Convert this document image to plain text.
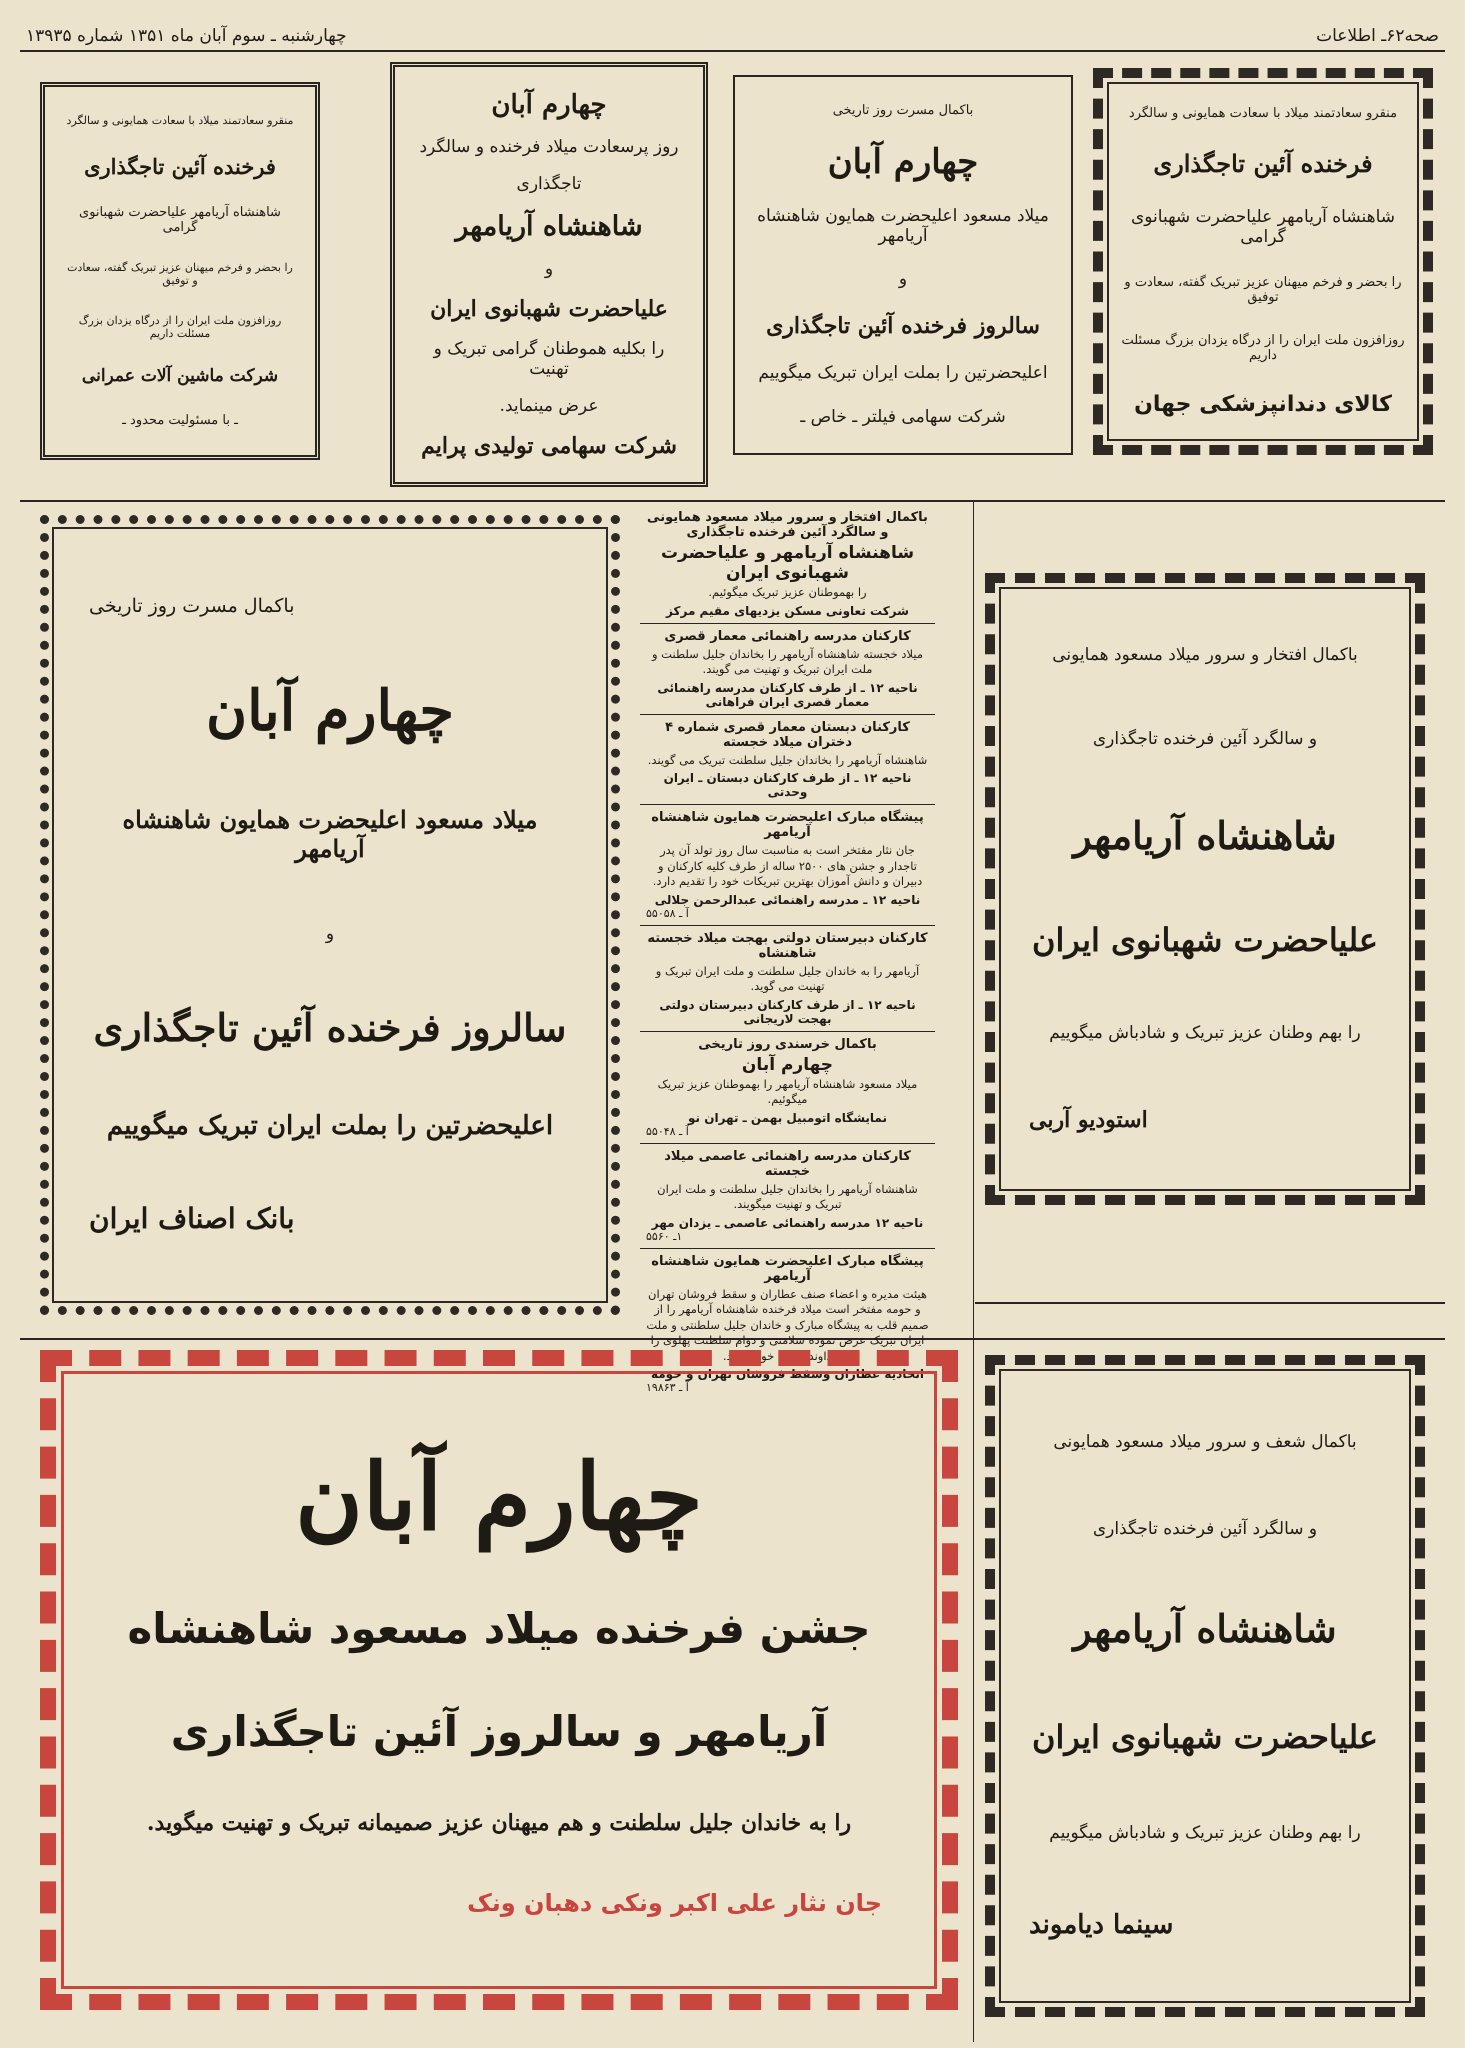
صحه۶۲ـ اطلاعات
چهارشنبه ـ سوم آبان ماه ۱۳۵۱ شماره ۱۳۹۳۵
منقرو سعادتمند میلاد با سعادت همایونی و سالگرد
فرخنده آئین تاجگذاری
شاهنشاه آریامهر علیاحضرت شهبانوی گرامی
را بحضر و فرخم میهنان عزیز تبریک گفته، سعادت و توفیق
روزافزون ملت ایران را از درگاه یزدان بزرگ مسئلت داریم
کالای دندانپزشکی جهان
باکمال مسرت روز تاریخی
چهارم آبان
میلاد مسعود اعلیحضرت همایون شاهنشاه آریامهر
و
سالروز فرخنده آئین تاجگذاری
اعلیحضرتین را بملت ایران تبریک میگوییم
شرکت سهامی فیلتر ـ خاص ـ
چهارم آبان
روز پرسعادت میلاد فرخنده و سالگرد
تاجگذاری
شاهنشاه آریامهر
و
علیاحضرت شهبانوی ایران
را بکلیه هموطنان گرامی تبریک و تهنیت
عرض مینماید.
شرکت سهامی تولیدی پرایم
منقرو سعادتمند میلاد با سعادت همایونی و سالگرد
فرخنده آئین تاجگذاری
شاهنشاه آریامهر علیاحضرت شهبانوی گرامی
را بحضر و فرخم میهنان عزیز تبریک گفته، سعادت و توفیق
روزافزون ملت ایران را از درگاه یزدان بزرگ مسئلت داریم
شرکت ماشین آلات عمرانی
ـ با مسئولیت محدود ـ
باکمال افتخار و سرور میلاد مسعود همایونی
و سالگرد آئین فرخنده تاجگذاری
شاهنشاه آریامهر
علیاحضرت شهبانوی ایران
را بهم وطنان عزیز تبریک و شادباش میگوییم
استودیو آربی
باکمال افتخار و سرور میلاد مسعود همایونی و سالگرد آئین فرخنده تاجگذاری
شاهنشاه آریامهر و علیاحضرت شهبانوی ایران
را بهموطنان عزیز تبریک میگوئیم.
شرکت تعاونی مسکن یزدیهای مقیم مرکز
کارکنان مدرسه راهنمائی معمار قصری
میلاد خجسته شاهنشاه آریامهر را بخاندان جلیل سلطنت و ملت ایران تبریک و تهنیت می گویند.
ناحیه ۱۲ ـ از طرف کارکنان مدرسه راهنمائی معمار قصری ایران فراهانی
کارکنان دبستان معمار قصری شماره ۴ دختران میلاد خجسته
شاهنشاه آریامهر را بخاندان جلیل سلطنت تبریک می گویند.
ناحیه ۱۲ ـ از طرف کارکنان دبستان ـ ایران وحدتی
پیشگاه مبارک اعلیحضرت همایون شاهنشاه آریامهر
جان نثار مفتخر است به مناسبت سال روز تولد آن پدر تاجدار و جشن های ۲۵۰۰ ساله از طرف کلیه کارکنان و دبیران و دانش آموزان بهترین تبریکات خود را تقدیم دارد.
ناحیه ۱۲ ـ مدرسه راهنمائی عبدالرحمن جلالی
آ ـ ۵۵۰۵۸
کارکنان دبیرستان دولتی بهجت میلاد خجسته شاهنشاه
آریامهر را به خاندان جلیل سلطنت و ملت ایران تبریک و تهنیت می گوید.
ناحیه ۱۲ ـ از طرف کارکنان دبیرستان دولتی بهجت لاریجانی
باکمال خرسندی روز تاریخی
چهارم آبان
میلاد مسعود شاهنشاه آریامهر را بهموطنان عزیز تبریک میگوئیم.
نمایشگاه اتومبیل بهمن ـ تهران نو
آ ـ ۵۵۰۴۸
کارکنان مدرسه راهنمائی عاصمی میلاد خجسته
شاهنشاه آریامهر را بخاندان جلیل سلطنت و ملت ایران تبریک و تهنیت میگویند.
ناحیه ۱۲ مدرسه راهنمائی عاصمی ـ یزدان مهر
۱ـ ۵۵۶۰
پیشگاه مبارک اعلیحضرت همایون شاهنشاه آریامهر
هیئت مدیره و اعضاء صنف عطاران و سقط فروشان تهران و حومه مفتخر است میلاد فرخنده شاهنشاه آریامهر را از صمیم قلب به پیشگاه مبارک و خاندان جلیل سلطنتی و ملت ایران تبریک عرض نموده سلامتی و دوام سلطنت پهلوی را از خداوند متعال خواستارند.
اتحادیه عطاران وسقط فروشان تهران و حومه
آ ـ ۱۹۸۶۳
باکمال مسرت روز تاریخی
چهارم آبان
میلاد مسعود اعلیحضرت همایون شاهنشاه آریامهر
و
سالروز فرخنده آئین تاجگذاری
اعلیحضرتین را بملت ایران تبریک میگوییم
بانک اصناف ایران
چهارم آبان
جشن فرخنده میلاد مسعود شاهنشاه
آریامهر و سالروز آئین تاجگذاری
را به خاندان جلیل سلطنت و هم میهنان عزیز صمیمانه تبریک و تهنیت میگوید.
جان نثار علی اکبر ونکی دهبان ونک
باکمال شعف و سرور میلاد مسعود همایونی
و سالگرد آئین فرخنده تاجگذاری
شاهنشاه آریامهر
علیاحضرت شهبانوی ایران
را بهم وطنان عزیز تبریک و شادباش میگوییم
سینما دیاموند
